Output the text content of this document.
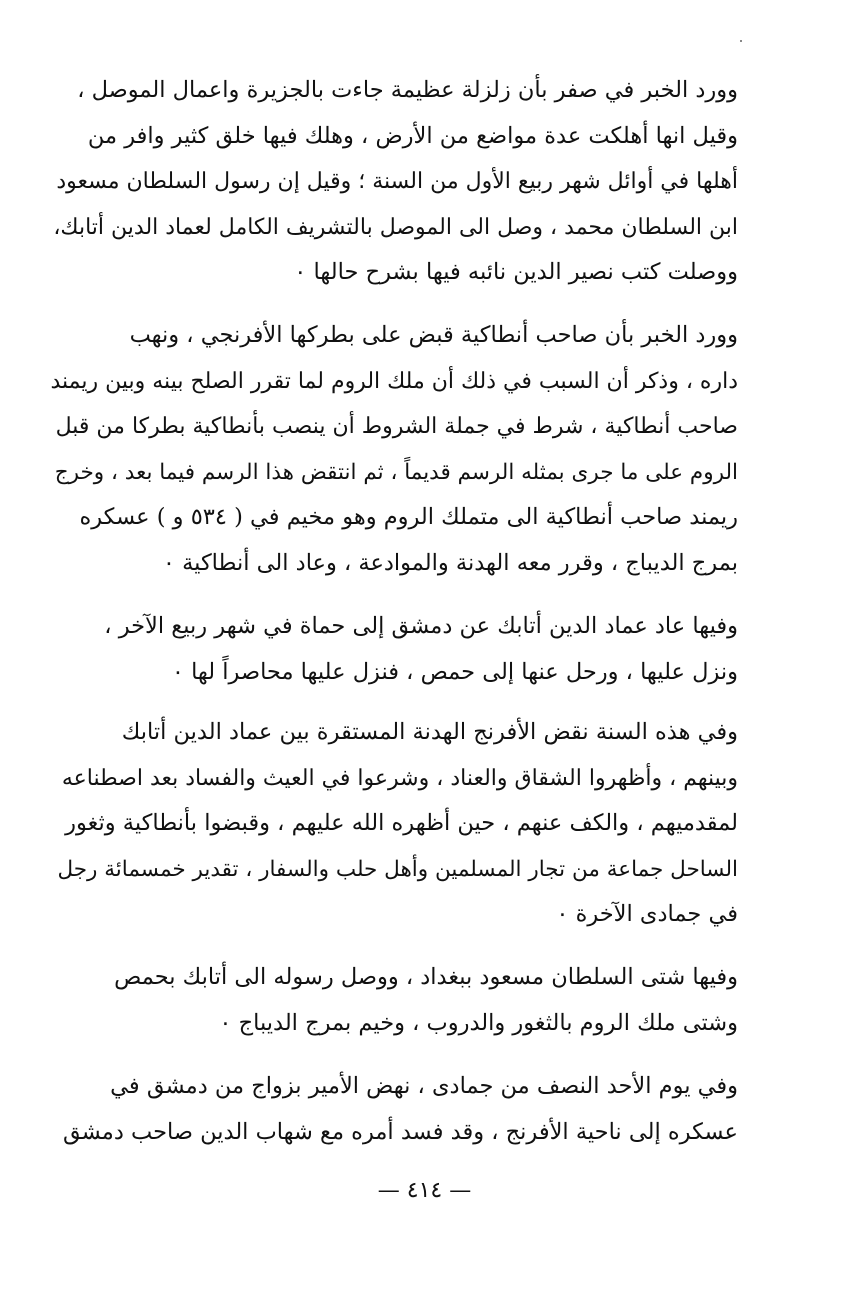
وورد الخبر في صفر بأن زلزلة عظيمة جاءت بالجزيرة واعمال الموصل ،
وقيل انها أهلكت عدة مواضع من الأرض ، وهلك فيها خلق كثير وافر من
أهلها في أوائل شهر ربيع الأول من السنة ؛ وقيل إن رسول السلطان مسعود
ابن السلطان محمد ، وصل الى الموصل بالتشريف الكامل لعماد الدين أتابك،
ووصلت كتب نصير الدين نائبه فيها بشرح حالها ٠

وورد الخبر بأن صاحب أنطاكية قبض على بطركها الأفرنجي ، ونهب
داره ، وذكر أن السبب في ذلك أن ملك الروم لما تقرر الصلح بينه وبين ريمند
صاحب أنطاكية ، شرط في جملة الشروط أن ينصب بأنطاكية بطركا من قبل
الروم على ما جرى بمثله الرسم قديماً ، ثم انتقض هذا الرسم فيما بعد ، وخرج
ريمند صاحب أنطاكية الى متملك الروم وهو مخيم في ( ٥٣٤ و ) عسكره
بمرج الديباج ، وقرر معه الهدنة والموادعة ، وعاد الى أنطاكية ٠

وفيها عاد عماد الدين أتابك عن دمشق إلى حماة في شهر ربيع الآخر ،
ونزل عليها ، ورحل عنها إلى حمص ، فنزل عليها محاصراً لها ٠

وفي هذه السنة نقض الأفرنج الهدنة المستقرة بين عماد الدين أتابك
وبينهم ، وأظهروا الشقاق والعناد ، وشرعوا في العيث والفساد بعد اصطناعه
لمقدميهم ، والكف عنهم ، حين أظهره الله عليهم ، وقبضوا بأنطاكية وثغور
الساحل جماعة من تجار المسلمين وأهل حلب والسفار ، تقدير خمسمائة رجل
في جمادى الآخرة ٠

وفيها شتى السلطان مسعود ببغداد ، ووصل رسوله الى أتابك بحمص
وشتى ملك الروم بالثغور والدروب ، وخيم بمرج الديباج ٠

وفي يوم الأحد النصف من جمادى ، نهض الأمير بزواج من دمشق في
عسكره إلى ناحية الأفرنج ، وقد فسد أمره مع شهاب الدين صاحب دمشق

— ٤١٤ —
